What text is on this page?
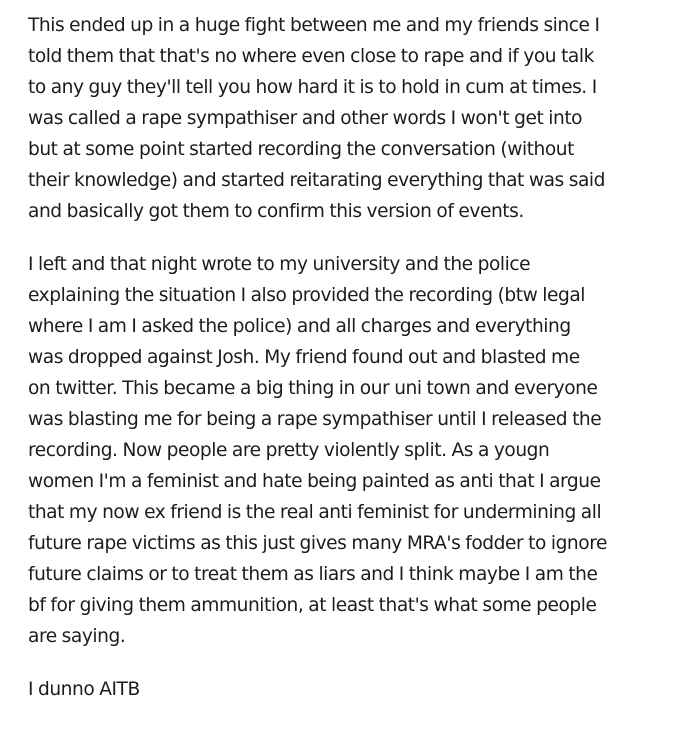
This ended up in a huge fight between me and my friends since I
told them that that's no where even close to rape and if you talk
to any guy they'll tell you how hard it is to hold in cum at times. I
was called a rape sympathiser and other words I won't get into
but at some point started recording the conversation (without
their knowledge) and started reitarating everything that was said
and basically got them to confirm this version of events.

I left and that night wrote to my university and the police
explaining the situation I also provided the recording (btw legal
where I am I asked the police) and all charges and everything
was dropped against Josh. My friend found out and blasted me
on twitter. This became a big thing in our uni town and everyone
was blasting me for being a rape sympathiser until I released the
recording. Now people are pretty violently split. As a yougn
women I'm a feminist and hate being painted as anti that I argue
that my now ex friend is the real anti feminist for undermining all
future rape victims as this just gives many MRA's fodder to ignore
future claims or to treat them as liars and I think maybe I am the
bf for giving them ammunition, at least that's what some people
are saying.

I dunno AITB
